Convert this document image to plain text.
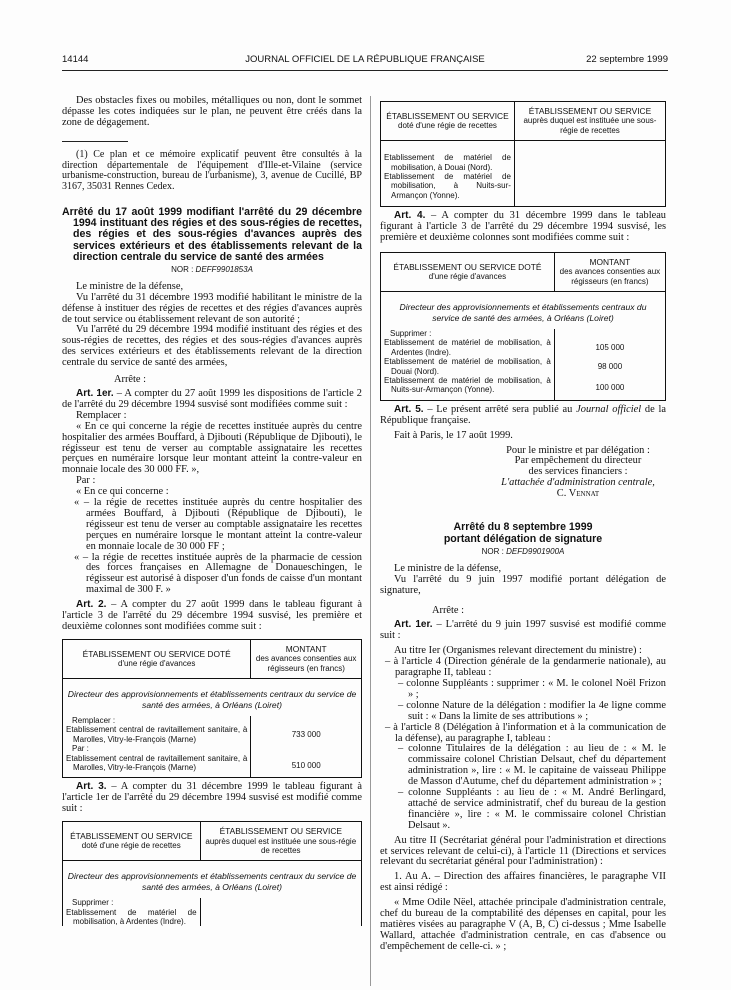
14144	JOURNAL OFFICIEL DE LA RÉPUBLIQUE FRANÇAISE	22 septembre 1999

Des obstacles fixes ou mobiles, métalliques ou non, dont le sommet dépasse les cotes indiquées sur le plan, ne peuvent être créés dans la zone de dégagement.

(1) Ce plan et ce mémoire explicatif peuvent être consultés à la direction départementale de l'équipement d'Ille-et-Vilaine (service urbanisme-construction, bureau de l'urbanisme), 3, avenue de Cucillé, BP 3167, 35031 Rennes Cedex.

Arrêté du 17 août 1999 modifiant l'arrêté du 29 décembre 1994 instituant des régies et des sous-régies de recettes, des régies et des sous-régies d'avances auprès des services extérieurs et des établissements relevant de la direction centrale du service de santé des armées

NOR : DEFF9901853A

Le ministre de la défense,

Vu l'arrêté du 31 décembre 1993 modifié habilitant le ministre de la défense à instituer des régies de recettes et des régies d'avances auprès de tout service ou établissement relevant de son autorité ;

Vu l'arrêté du 29 décembre 1994 modifié instituant des régies et des sous-régies de recettes, des régies et des sous-régies d'avances auprès des services extérieurs et des établissements relevant de la direction centrale du service de santé des armées,

Arrête :

Art. 1er. – A compter du 27 août 1999 les dispositions de l'article 2 de l'arrêté du 29 décembre 1994 susvisé sont modifiées comme suit :

Remplacer :

« En ce qui concerne la régie de recettes instituée auprès du centre hospitalier des armées Bouffard, à Djibouti (République de Djibouti), le régisseur est tenu de verser au comptable assignataire les recettes perçues en numéraire lorsque leur montant atteint la contre-valeur en monnaie locale des 30 000 FF. »,

Par :

« En ce qui concerne :

« – la régie de recettes instituée auprès du centre hospitalier des armées Bouffard, à Djibouti (République de Djibouti), le régisseur est tenu de verser au comptable assignataire les recettes perçues en numéraire lorsque le montant atteint la contre-valeur en monnaie locale de 30 000 FF ;

« – la régie de recettes instituée auprès de la pharmacie de cession des forces françaises en Allemagne de Donaueschingen, le régisseur est autorisé à disposer d'un fonds de caisse d'un montant maximal de 300 F. »

Art. 2. – A compter du 27 août 1999 dans le tableau figurant à l'article 3 de l'arrêté du 29 décembre 1994 susvisé, les première et deuxième colonnes sont modifiées comme suit :

ÉTABLISSEMENT OU SERVICE DOTÉ
d'une régie d'avances	MONTANT
des avances consenties aux régisseurs (en francs)
Directeur des approvisionnements et établissements centraux du service de santé des armées, à Orléans (Loiret)	
Remplacer :	
Etablissement central de ravitaillement sanitaire, à Marolles, Vitry-le-François (Marne)	733 000
Par :	
Etablissement central de ravitaillement sanitaire, à Marolles, Vitry-le-François (Marne)	510 000

Art. 3. – A compter du 31 décembre 1999 le tableau figurant à l'article 1er de l'arrêté du 29 décembre 1994 susvisé est modifié comme suit :

ÉTABLISSEMENT OU SERVICE
doté d'une régie de recettes	ÉTABLISSEMENT OU SERVICE
auprès duquel est instituée une sous-régie de recettes
Directeur des approvisionnements et établissements centraux du service de santé des armées, à Orléans (Loiret)	
Supprimer :	
Etablissement de matériel de mobilisation, à Ardentes (Indre).	
ÉTABLISSEMENT OU SERVICE
doté d'une régie de recettes	ÉTABLISSEMENT OU SERVICE
auprès duquel est instituée une sous-régie de recettes
Etablissement de matériel de mobilisation, à Douai (Nord).	
Etablissement de matériel de mobilisation, à Nuits-sur-Armançon (Yonne).	

Art. 4. – A compter du 31 décembre 1999 dans le tableau figurant à l'article 3 de l'arrêté du 29 décembre 1994 susvisé, les première et deuxième colonnes sont modifiées comme suit :

ÉTABLISSEMENT OU SERVICE DOTÉ
d'une régie d'avances	MONTANT
des avances consenties aux régisseurs (en francs)
Directeur des approvisionnements et établissements centraux du service de santé des armées, à Orléans (Loiret)	
Supprimer :	
Etablissement de matériel de mobilisation, à Ardentes (Indre).	105 000
Etablissement de matériel de mobilisation, à Douai (Nord).	98 000
Etablissement de matériel de mobilisation, à Nuits-sur-Armançon (Yonne).	100 000

Art. 5. – Le présent arrêté sera publié au Journal officiel de la République française.

Fait à Paris, le 17 août 1999.

Pour le ministre et par délégation :

Par empêchement du directeur

des services financiers :

L'attachée d'administration centrale,

C. Vennat

Arrêté du 8 septembre 1999
portant délégation de signature

NOR : DEFD9901900A

Le ministre de la défense,

Vu l'arrêté du 9 juin 1997 modifié portant délégation de signature,

Arrête :

Art. 1er. – L'arrêté du 9 juin 1997 susvisé est modifié comme suit :

Au titre Ier (Organismes relevant directement du ministre) :

– à l'article 4 (Direction générale de la gendarmerie nationale), au paragraphe II, tableau :

– colonne Suppléants : supprimer : « M. le colonel Noël Frizon » ;

– colonne Nature de la délégation : modifier la 4e ligne comme suit : « Dans la limite de ses attributions » ;

– à l'article 8 (Délégation à l'information et à la communication de la défense), au paragraphe I, tableau :

– colonne Titulaires de la délégation : au lieu de : « M. le commissaire colonel Christian Delsaut, chef du département administration », lire : « M. le capitaine de vaisseau Philippe de Masson d'Autume, chef du département administration » ;

– colonne Suppléants : au lieu de : « M. André Berlingard, attaché de service administratif, chef du bureau de la gestion financière », lire : « M. le commissaire colonel Christian Delsaut ».

Au titre II (Secrétariat général pour l'administration et directions et services relevant de celui-ci), à l'article 11 (Directions et services relevant du secrétariat général pour l'administration) :

1. Au A. – Direction des affaires financières, le paragraphe VII est ainsi rédigé :

« Mme Odile Nëel, attachée principale d'administration centrale, chef du bureau de la comptabilité des dépenses en capital, pour les matières visées au paragraphe V (A, B, C) ci-dessus ; Mme Isabelle Wallard, attachée d'administration centrale, en cas d'absence ou d'empêchement de celle-ci. » ;
